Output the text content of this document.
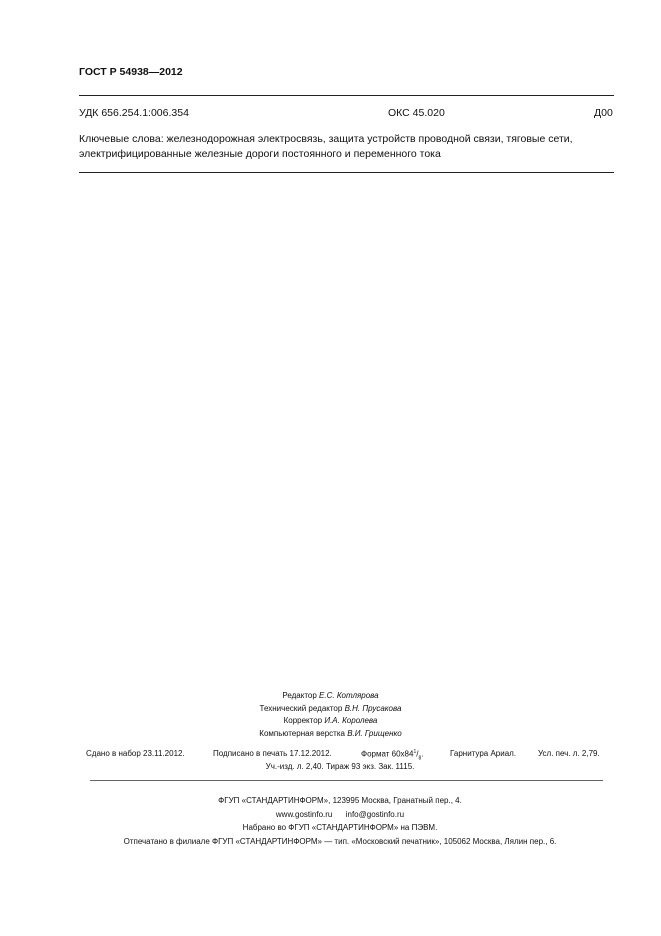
ГОСТ Р 54938—2012
УДК 656.254.1:006.354	ОКС 45.020	Д00
Ключевые слова: железнодорожная электросвязь, защита устройств проводной связи, тяговые сети,
электрифицированные железные дороги постоянного и переменного тока
Редактор Е.С. Котлярова
Технический редактор В.Н. Прусакова
Корректор И.А. Королева
Компьютерная верстка В.И. Грищенко
Сдано в набор 23.11.2012.	Подписано в печать 17.12.2012.	Формат $60x84^1/_8$.	Гарнитура Ариал.	Усл. печ. л. 2,79.
Уч.-изд. л. 2,40. Тираж 93 экз. Зак. 1115.
ФГУП «СТАНДАРТИНФОРМ», 123995 Москва, Гранатный пер., 4.
www.gostinfo.ru info@gostinfo.ru
Набрано во ФГУП «СТАНДАРТИНФОРМ» на ПЭВМ.
Отпечатано в филиале ФГУП «СТАНДАРТИНФОРМ» — тип. «Московский печатник», 105062 Москва, Лялин пер., 6.
